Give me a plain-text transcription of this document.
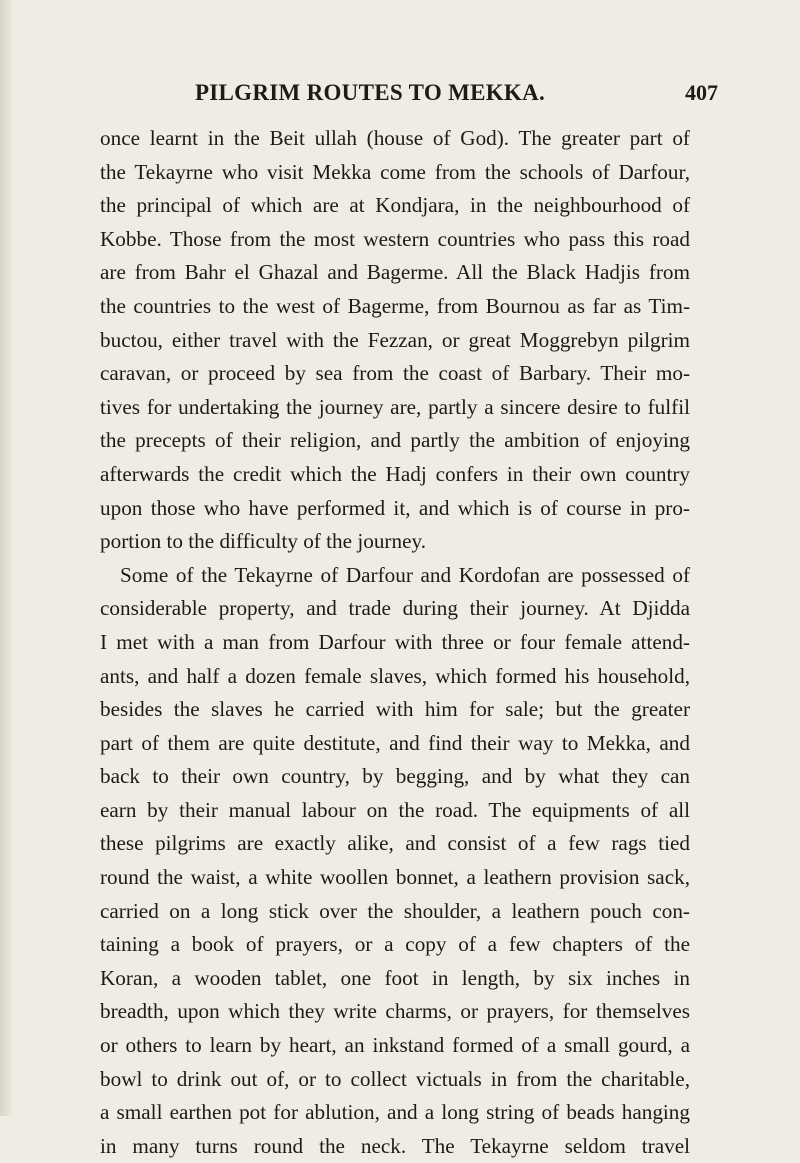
PILGRIM ROUTES TO MEKKA.	407
once learnt in the Beit ullah (house of God). The greater part of
the Tekayrne who visit Mekka come from the schools of Darfour,
the principal of which are at Kondjara, in the neighbourhood of
Kobbe. Those from the most western countries who pass this road
are from Bahr el Ghazal and Bagerme. All the Black Hadjis from
the countries to the west of Bagerme, from Bournou as far as Tim-
buctou, either travel with the Fezzan, or great Moggrebyn pilgrim
caravan, or proceed by sea from the coast of Barbary. Their mo-
tives for undertaking the journey are, partly a sincere desire to fulfil
the precepts of their religion, and partly the ambition of enjoying
afterwards the credit which the Hadj confers in their own country
upon those who have performed it, and which is of course in pro-
portion to the difficulty of the journey.
Some of the Tekayrne of Darfour and Kordofan are possessed of
considerable property, and trade during their journey. At Djidda
I met with a man from Darfour with three or four female attend-
ants, and half a dozen female slaves, which formed his household,
besides the slaves he carried with him for sale; but the greater
part of them are quite destitute, and find their way to Mekka, and
back to their own country, by begging, and by what they can
earn by their manual labour on the road. The equipments of all
these pilgrims are exactly alike, and consist of a few rags tied
round the waist, a white woollen bonnet, a leathern provision sack,
carried on a long stick over the shoulder, a leathern pouch con-
taining a book of prayers, or a copy of a few chapters of the
Koran, a wooden tablet, one foot in length, by six inches in
breadth, upon which they write charms, or prayers, for themselves
or others to learn by heart, an inkstand formed of a small gourd, a
bowl to drink out of, or to collect victuals in from the charitable,
a small earthen pot for ablution, and a long string of beads hanging
in many turns round the neck. The Tekayrne seldom travel
